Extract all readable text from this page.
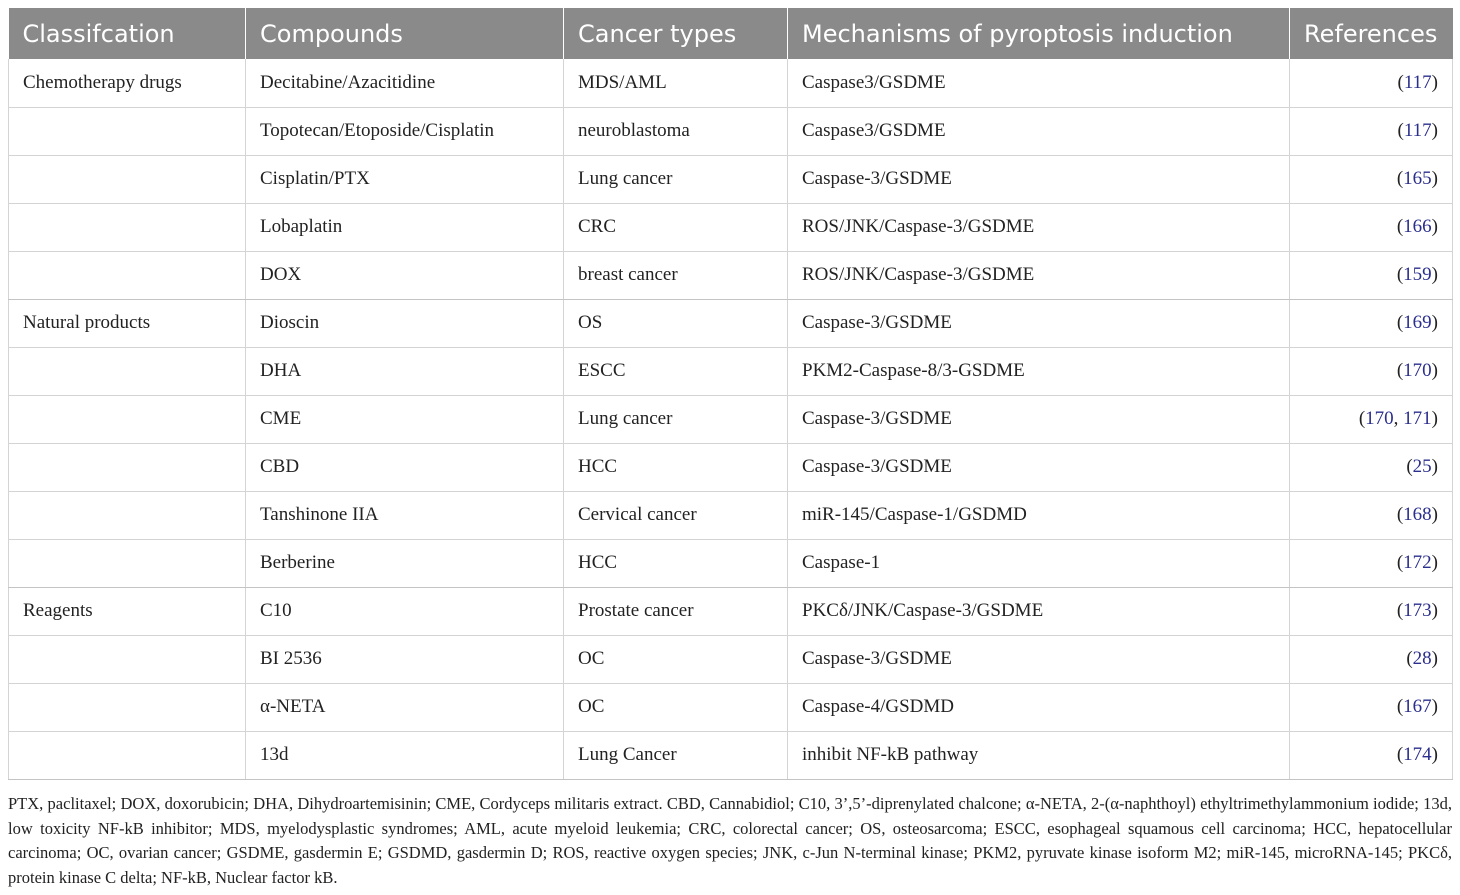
Classifcation	Compounds	Cancer types	Mechanisms of pyroptosis induction	References
Chemotherapy drugs	Decitabine/Azacitidine	MDS/AML	Caspase3/GSDME	(117)
	Topotecan/Etoposide/Cisplatin	neuroblastoma	Caspase3/GSDME	(117)
	Cisplatin/PTX	Lung cancer	Caspase-3/GSDME	(165)
	Lobaplatin	CRC	ROS/JNK/Caspase-3/GSDME	(166)
	DOX	breast cancer	ROS/JNK/Caspase-3/GSDME	(159)
Natural products	Dioscin	OS	Caspase-3/GSDME	(169)
	DHA	ESCC	PKM2-Caspase-8/3-GSDME	(170)
	CME	Lung cancer	Caspase-3/GSDME	(170, 171)
	CBD	HCC	Caspase-3/GSDME	(25)
	Tanshinone IIA	Cervical cancer	miR-145/Caspase-1/GSDMD	(168)
	Berberine	HCC	Caspase-1	(172)
Reagents	C10	Prostate cancer	PKCδ/JNK/Caspase-3/GSDME	(173)
	BI 2536	OC	Caspase-3/GSDME	(28)
	α-NETA	OC	Caspase-4/GSDMD	(167)
	13d	Lung Cancer	inhibit NF-kB pathway	(174)

PTX, paclitaxel; DOX, doxorubicin; DHA, Dihydroartemisinin; CME, Cordyceps militaris extract. CBD, Cannabidiol; C10, 3’,5’-diprenylated chalcone; α-NETA, 2-(α-naphthoyl) ethyltrimethylammonium iodide; 13d, low toxicity NF-kB inhibitor; MDS, myelodysplastic syndromes; AML, acute myeloid leukemia; CRC, colorectal cancer; OS, osteosarcoma; ESCC, esophageal squamous cell carcinoma; HCC, hepatocellular carcinoma; OC, ovarian cancer; GSDME, gasdermin E; GSDMD, gasdermin D; ROS, reactive oxygen species; JNK, c-Jun N-terminal kinase; PKM2, pyruvate kinase isoform M2; miR-145, microRNA-145; PKCδ, protein kinase C delta; NF-kB, Nuclear factor kB.
